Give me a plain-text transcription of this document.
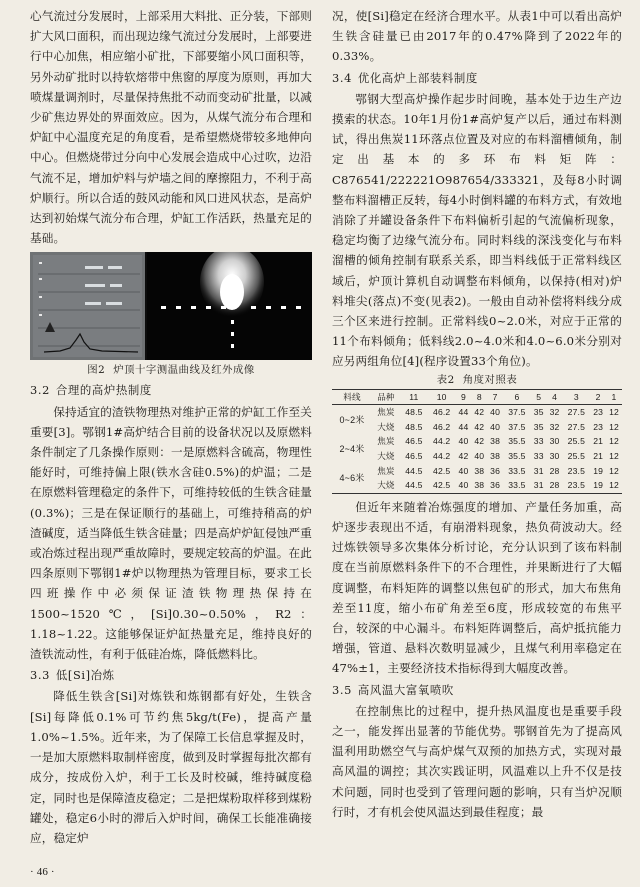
心气流过分发展时，上部采用大料批、正分装，下部则扩大风口面积，而出现边缘气流过分发展时，上部要进行中心加焦，相应缩小矿批，下部要缩小风口面积等，另外动矿批时以持软熔带中焦窗的厚度为原则，再加大喷煤量调剂时，尽量保持焦批不动而变动矿批量，以减少矿焦边界处的界面效应。因为，从煤气流分布合理和炉缸中心温度充足的角度看，是希望燃烧带较多地伸向中心。但燃烧带过分向中心发展会造成中心过吹，边沿气流不足，增加炉料与炉墙之间的摩擦阻力，不利于高炉顺行。所以合适的鼓风动能和风口进风状态，是高炉达到初始煤气流分布合理，炉缸工作活跃，热量充足的基础。

图2 炉顶十字测温曲线及红外成像
3.2 合理的高炉热制度

保持适宜的渣铁物理热对维护正常的炉缸工作至关重要[3]。鄂钢1#高炉结合目前的设备状况以及原燃料条件制定了几条操作原则：一是原燃料含硫高，物理性能好时，可维持偏上限(铁水含硅0.5%)的炉温；二是在原燃料管理稳定的条件下，可维持较低的生铁含硅量(0.3%)；三是在保证顺行的基础上，可维持稍高的炉渣碱度，适当降低生铁含硅量；四是高炉炉缸侵蚀严重或冶炼过程出现严重故障时，要规定较高的炉温。在此四条原则下鄂钢1#炉以物理热为管理目标，要求工长四班操作中必须保证渣铁物理热保持在1500~1520℃，[Si]0.30~0.50%，R2：1.18~1.22。这能够保证炉缸热量充足，维持良好的渣铁流动性，有利于低硅冶炼，降低燃料比。

3.3 低[Si]冶炼

降低生铁含[Si]对炼铁和炼钢都有好处，生铁含[Si]每降低0.1%可节约焦5kg/t(Fe)，提高产量1.0%~1.5%。近年来，为了保障工长信息掌握及时，一是加大原燃料取制样密度，做到及时掌握每批次都有成分，按成份入炉，利于工长及时校碱，维持碱度稳定，同时也是保障渣皮稳定；二是把煤粉取样移到煤粉罐处，稳定6小时的滞后入炉时间，确保工长能准确接应，稳定炉

况，使[Si]稳定在经济合理水平。从表1中可以看出高炉生铁含硅量已由2017年的0.47%降到了2022年的0.33%。

3.4 优化高炉上部装料制度

鄂钢大型高炉操作起步时间晚，基本处于边生产边摸索的状态。10年1月份1#高炉复产以后，通过布料测试，得出焦炭11环落点位置及对应的布料溜槽倾角，制定出基本的多环布料矩阵：C876541/222221O987654/333321，及每8小时调整布料溜槽正反转，每4小时倒料罐的布料方式，有效地消除了并罐设备条件下布料偏析引起的气流偏析现象，稳定均衡了边缘气流分布。同时料线的深浅变化与布料溜槽的倾角控制有联系关系，即当料线低于正常料线区域后，炉顶计算机自动调整布料倾角，以保持(相对)炉料堆尖(落点)不变(见表2)。一般由自动补偿将料线分成三个区来进行控制。正常料线0~2.0米，对应于正常的11个布料倾角；低料线2.0~4.0米和4.0~6.0米分别对应另两组角位[4](程序设置33个角位)。

表2 角度对照表
料线	品种	11	10	9	8	7	6	5	4	3	2	1
0~2米	焦炭	48.5	46.2	44	42	40	37.5	35	32	27.5	23	12
	大烧	48.5	46.2	44	42	40	37.5	35	32	27.5	23	12
2~4米	焦炭	46.5	44.2	40	42	38	35.5	33	30	25.5	21	12
	大烧	46.5	44.2	42	40	38	35.5	33	30	25.5	21	12
4~6米	焦炭	44.5	42.5	40	38	36	33.5	31	28	23.5	19	12
	大烧	44.5	42.5	40	38	36	33.5	31	28	23.5	19	12

但近年来随着冶炼强度的增加、产量任务加重，高炉逐步表现出不适，有崩滑料现象，热负荷波动大。经过炼铁领导多次集体分析讨论，充分认识到了该布料制度在当前原燃料条件下的不合理性，并果断进行了大幅度调整，布料矩阵的调整以焦包矿的形式，加大布焦角差至11度，缩小布矿角差至6度，形成较宽的布焦平台，较深的中心漏斗。布料矩阵调整后，高炉抵抗能力增强，管道、悬料次数明显减少，且煤气利用率稳定在47%±1，主要经济技术指标得到大幅度改善。

3.5 高风温大富氧喷吹

在控制焦比的过程中，提升热风温度也是重要手段之一，能发挥出显著的节能优势。鄂钢首先为了提高风温利用助燃空气与高炉煤气双预的加热方式，实现对最高风温的调控；其次实践证明，风温难以上升不仅是技术问题，同时也受到了管理问题的影响，只有当炉况顺行时，才有机会使风温达到最佳程度；最

· 46 ·
